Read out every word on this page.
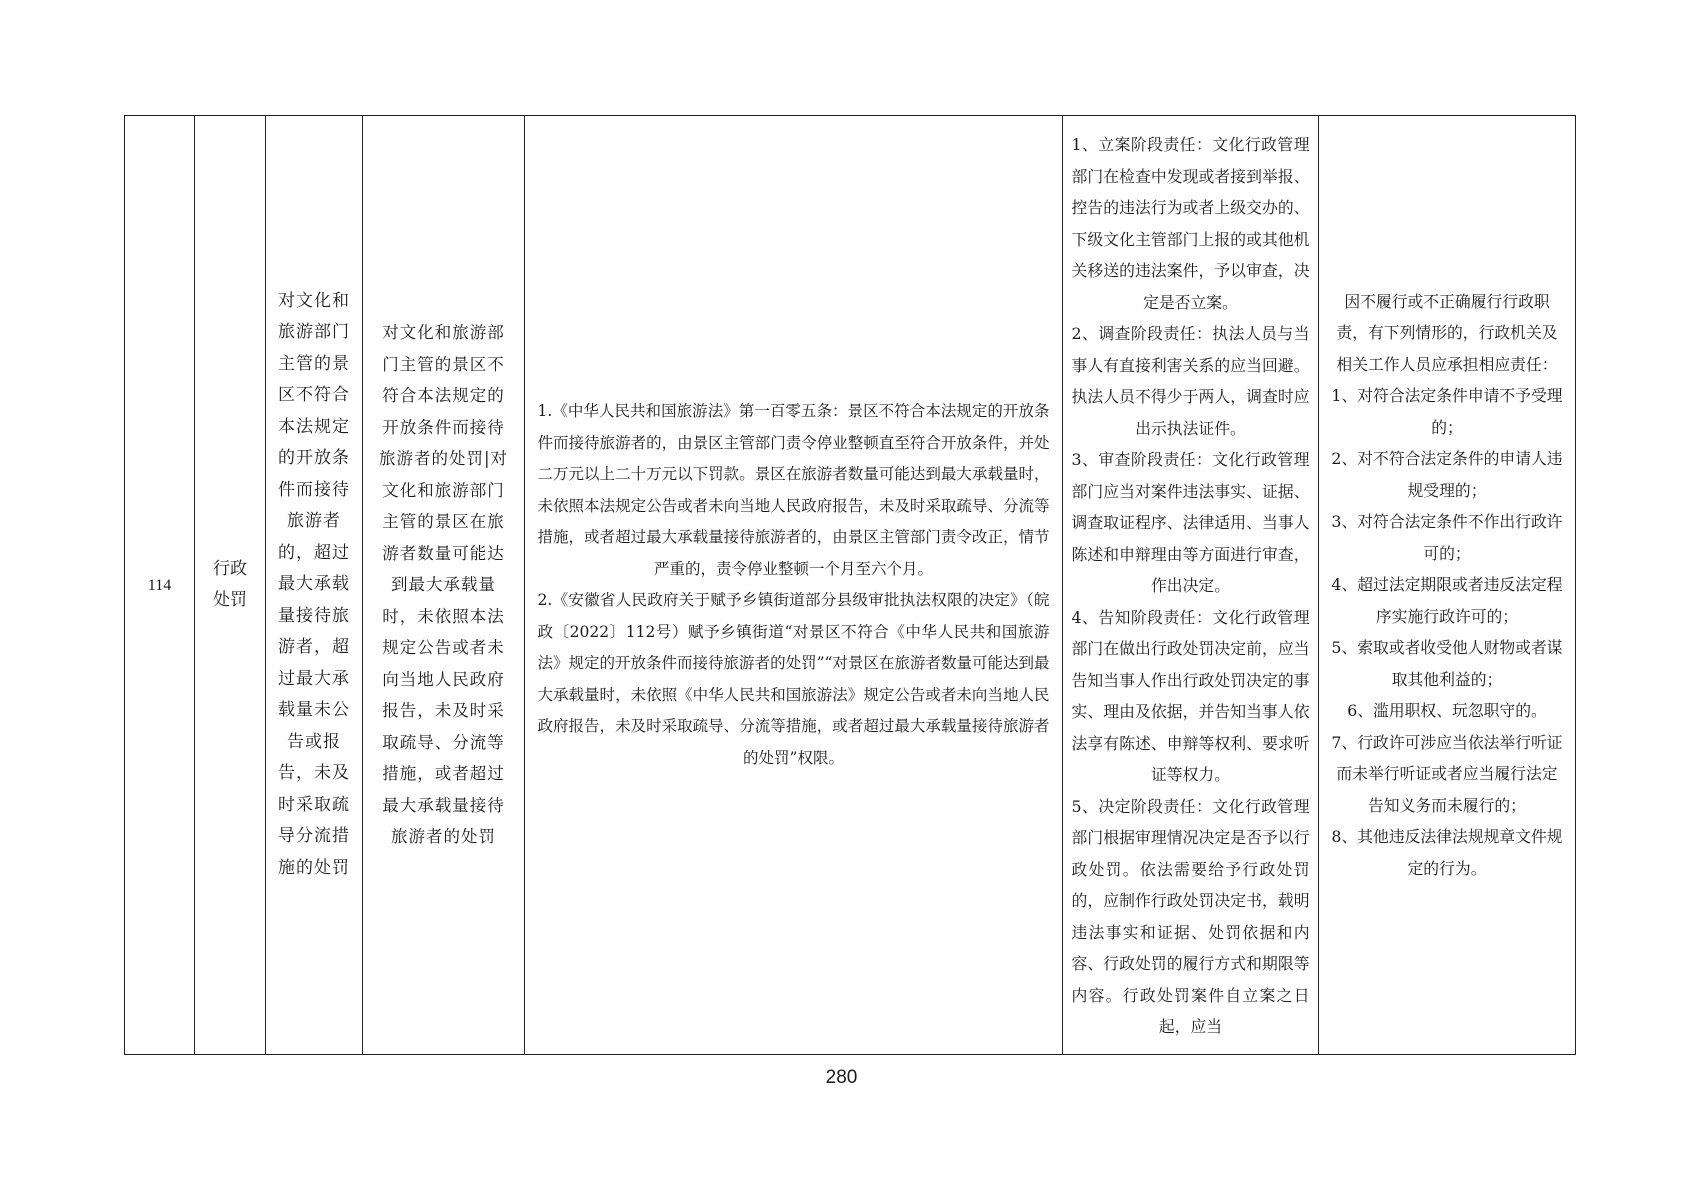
114
行政处罚
对文化和旅游部门主管的景区不符合本法规定的开放条件而接待旅游者的，超过最大承载量接待旅游者，超过最大承载量未公告或报告，未及时采取疏导分流措施的处罚
对文化和旅游部门主管的景区不符合本法规定的开放条件而接待旅游者的处罚|对文化和旅游部门主管的景区在旅游者数量可能达到最大承载量时，未依照本法规定公告或者未向当地人民政府报告，未及时采取疏导、分流等措施，或者超过最大承载量接待旅游者的处罚
1.《中华人民共和国旅游法》第一百零五条：景区不符合本法规定的开放条件而接待旅游者的，由景区主管部门责令停业整顿直至符合开放条件，并处二万元以上二十万元以下罚款。景区在旅游者数量可能达到最大承载量时，未依照本法规定公告或者未向当地人民政府报告，未及时采取疏导、分流等措施，或者超过最大承载量接待旅游者的，由景区主管部门责令改正，情节严重的，责令停业整顿一个月至六个月。
2.《安徽省人民政府关于赋予乡镇街道部分县级审批执法权限的决定》（皖政〔2022〕112号）赋予乡镇街道“对景区不符合《中华人民共和国旅游法》规定的开放条件而接待旅游者的处罚”“对景区在旅游者数量可能达到最大承载量时，未依照《中华人民共和国旅游法》规定公告或者未向当地人民政府报告，未及时采取疏导、分流等措施，或者超过最大承载量接待旅游者的处罚”权限。
1、立案阶段责任：文化行政管理部门在检查中发现或者接到举报、控告的违法行为或者上级交办的、下级文化主管部门上报的或其他机关移送的违法案件，予以审查，决定是否立案。
2、调查阶段责任：执法人员与当事人有直接利害关系的应当回避。执法人员不得少于两人，调查时应出示执法证件。
3、审查阶段责任：文化行政管理部门应当对案件违法事实、证据、调查取证程序、法律适用、当事人陈述和申辩理由等方面进行审查，作出决定。
4、告知阶段责任：文化行政管理部门在做出行政处罚决定前，应当告知当事人作出行政处罚决定的事实、理由及依据，并告知当事人依法享有陈述、申辩等权利、要求听证等权力。
5、决定阶段责任：文化行政管理部门根据审理情况决定是否予以行政处罚。依法需要给予行政处罚的，应制作行政处罚决定书，载明违法事实和证据、处罚依据和内容、行政处罚的履行方式和期限等内容。行政处罚案件自立案之日起，应当
因不履行或不正确履行行政职责，有下列情形的，行政机关及相关工作人员应承担相应责任：
1、对符合法定条件申请不予受理的；
2、对不符合法定条件的申请人违规受理的；
3、对符合法定条件不作出行政许可的；
4、超过法定期限或者违反法定程序实施行政许可的；
5、索取或者收受他人财物或者谋取其他利益的；
6、滥用职权、玩忽职守的。
7、行政许可涉应当依法举行听证而未举行听证或者应当履行法定告知义务而未履行的；
8、其他违反法律法规规章文件规定的行为。
280
